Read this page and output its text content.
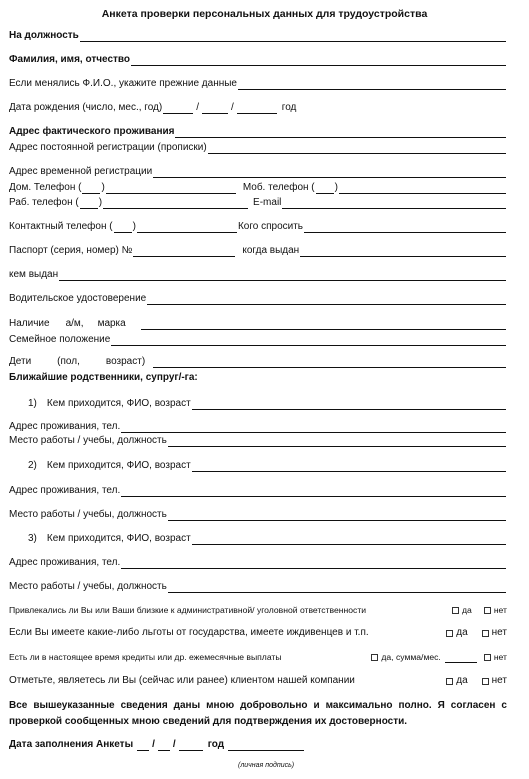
Анкета проверки персональных данных для трудоустройства
На должность
Фамилия, имя, отчество
Если менялись Ф.И.О., укажите прежние данные
Дата рождения (число, мес., год)	/	/	год
Адрес фактического проживания
Адрес постоянной регистрации (прописки)
Адрес временной регистрации
Дом. Телефон ( )	Моб. телефон ( )
Раб. телефон ( )	E-mail
Контактный телефон ( )	Кого спросить
Паспорт (серия, номер) №	когда выдан
кем выдан
Водительское удостоверение
Наличие а/м, марка
Семейное положение
Дети	(пол,	возраст)
Ближайшие родственники, супруг/-га:
1) Кем приходится, ФИО, возраст
Адрес проживания, тел.
Место работы / учебы, должность
2) Кем приходится, ФИО, возраст
Адрес проживания, тел.
Место работы / учебы, должность
3) Кем приходится, ФИО, возраст
Адрес проживания, тел.
Место работы / учебы, должность
Привлекались ли Вы или Ваши близкие к административной/ уголовной ответственности	да	нет
Если Вы имеете какие-либо льготы от государства, имеете иждивенцев и т.п.	да нет
Есть ли в настоящее время кредиты или др. ежемесячные выплаты	да, сумма/мес.	нет
Отметьте, являетесь ли Вы (сейчас или ранее) клиентом нашей компании	да нет
Все вышеуказанные сведения даны мною добровольно и максимально полно. Я согласен с проверкой сообщенных мною сведений для подтверждения их достоверности.
Дата заполнения Анкеты / /	год
(личная подпись)
